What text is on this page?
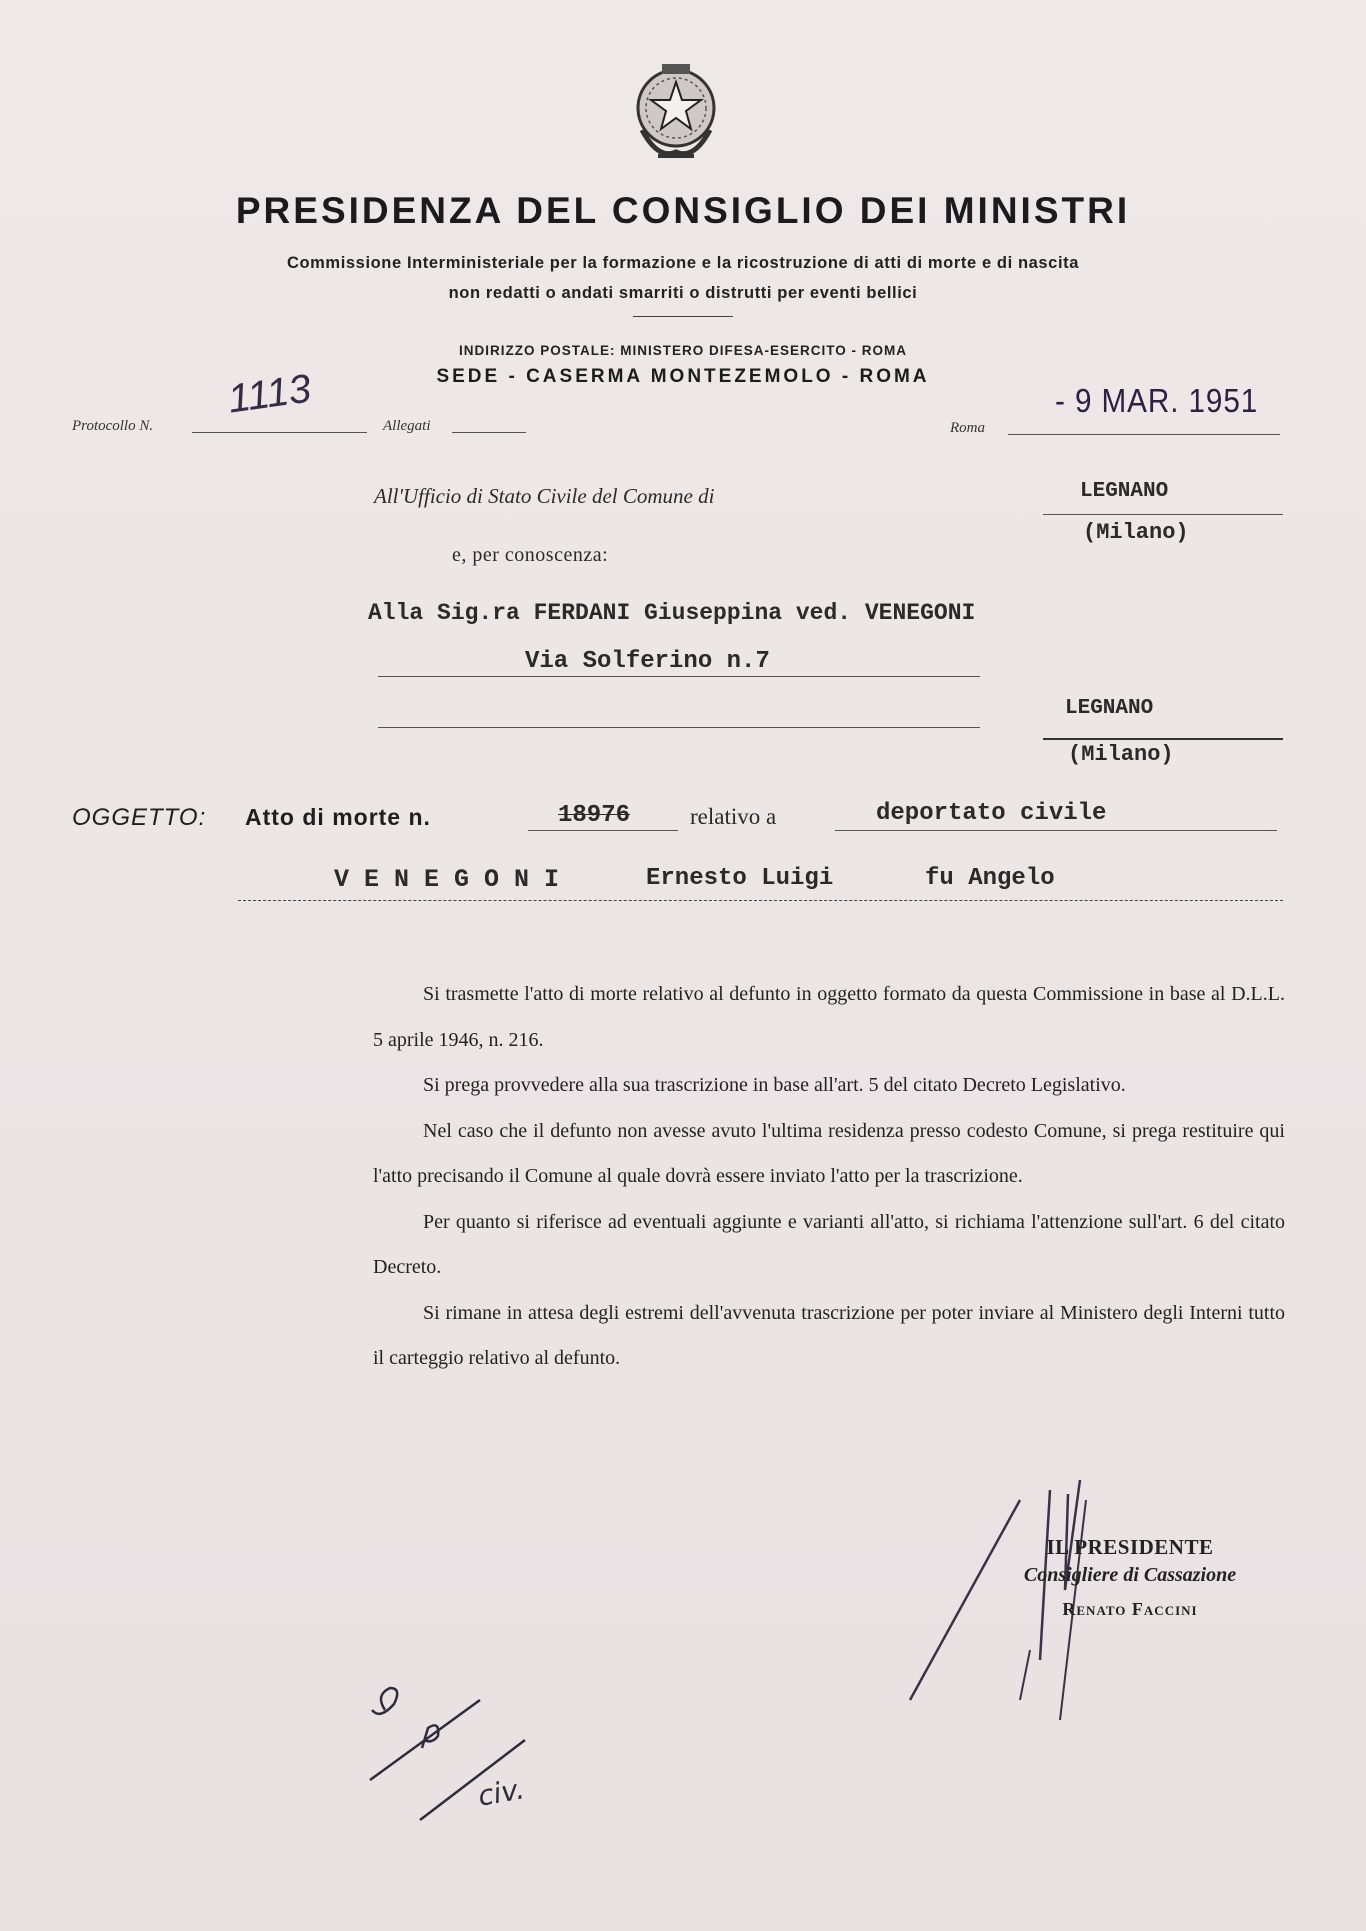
PRESIDENZA DEL CONSIGLIO DEI MINISTRI
Commissione Interministeriale per la formazione e la ricostruzione di atti di morte e di nascita
non redatti o andati smarriti o distrutti per eventi bellici
INDIRIZZO POSTALE: MINISTERO DIFESA-ESERCITO - ROMA
SEDE - CASERMA MONTEZEMOLO - ROMA
Protocollo N.
1113
Allegati	Roma
- 9 MAR. 1951
All'Ufficio di Stato Civile del Comune di	LEGNANO
(Milano)
e, per conoscenza:
Alla Sig.ra FERDANI Giuseppina ved. VENEGONI
Via Solferino n.7
LEGNANO
(Milano)
OGGETTO: Atto di morte n.	18976	relativo a	deportato civile
V E N E G O N I	Ernesto Luigi	fu Angelo

Si trasmette l'atto di morte relativo al defunto in oggetto formato da questa Commissione in base al D.L.L. 5 aprile 1946, n. 216.

Si prega provvedere alla sua trascrizione in base all'art. 5 del citato Decreto Legislativo.

Nel caso che il defunto non avesse avuto l'ultima residenza presso codesto Comune, si prega restituire qui l'atto precisando il Comune al quale dovrà essere inviato l'atto per la trascrizione.

Per quanto si riferisce ad eventuali aggiunte e varianti all'atto, si richiama l'attenzione sull'art. 6 del citato Decreto.

Si rimane in attesa degli estremi dell'avvenuta trascrizione per poter inviare al Ministero degli Interni tutto il carteggio relativo al defunto.

IL PRESIDENTE
Consigliere di Cassazione
Renato Faccini
civ.
